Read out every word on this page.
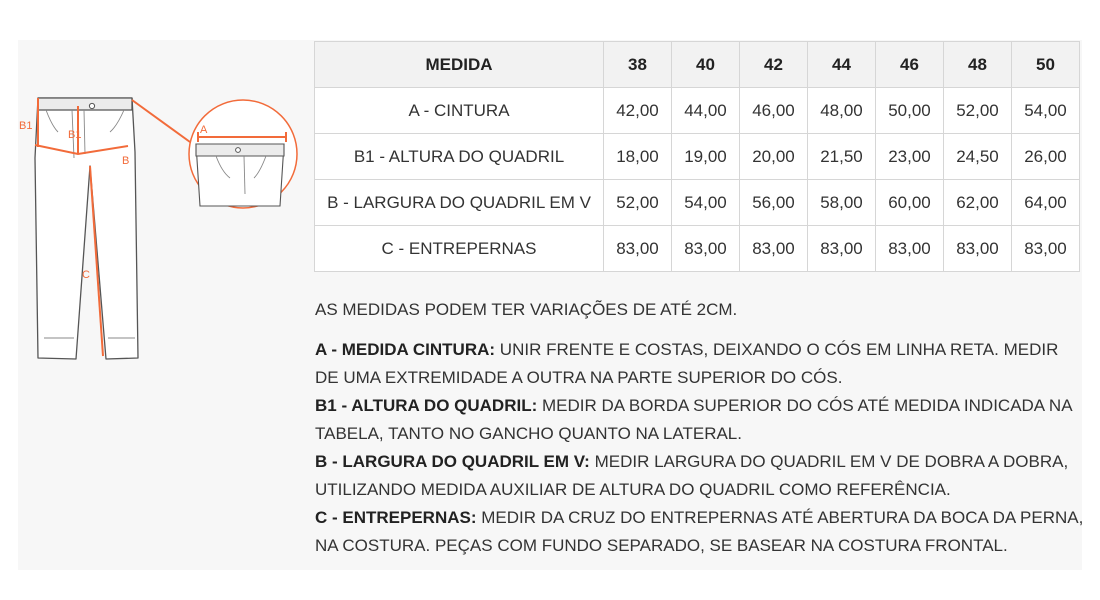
B1
B1
B
C
A
MEDIDA	38	40	42	44	46	48	50
A - CINTURA	42,00	44,00	46,00	48,00	50,00	52,00	54,00
B1 - ALTURA DO QUADRIL	18,00	19,00	20,00	21,50	23,00	24,50	26,00
B - LARGURA DO QUADRIL EM V	52,00	54,00	56,00	58,00	60,00	62,00	64,00
C - ENTREPERNAS	83,00	83,00	83,00	83,00	83,00	83,00	83,00

AS MEDIDAS PODEM TER VARIAÇÕES DE ATÉ 2CM.

A - MEDIDA CINTURA: UNIR FRENTE E COSTAS, DEIXANDO O CÓS EM LINHA RETA. MEDIR DE UMA EXTREMIDADE A OUTRA NA PARTE SUPERIOR DO CÓS.

B1 - ALTURA DO QUADRIL: MEDIR DA BORDA SUPERIOR DO CÓS ATÉ MEDIDA INDICADA NA TABELA, TANTO NO GANCHO QUANTO NA LATERAL.

B - LARGURA DO QUADRIL EM V: MEDIR LARGURA DO QUADRIL EM V DE DOBRA A DOBRA, UTILIZANDO MEDIDA AUXILIAR DE ALTURA DO QUADRIL COMO REFERÊNCIA.

C - ENTREPERNAS: MEDIR DA CRUZ DO ENTREPERNAS ATÉ ABERTURA DA BOCA DA PERNA, NA COSTURA. PEÇAS COM FUNDO SEPARADO, SE BASEAR NA COSTURA FRONTAL.
